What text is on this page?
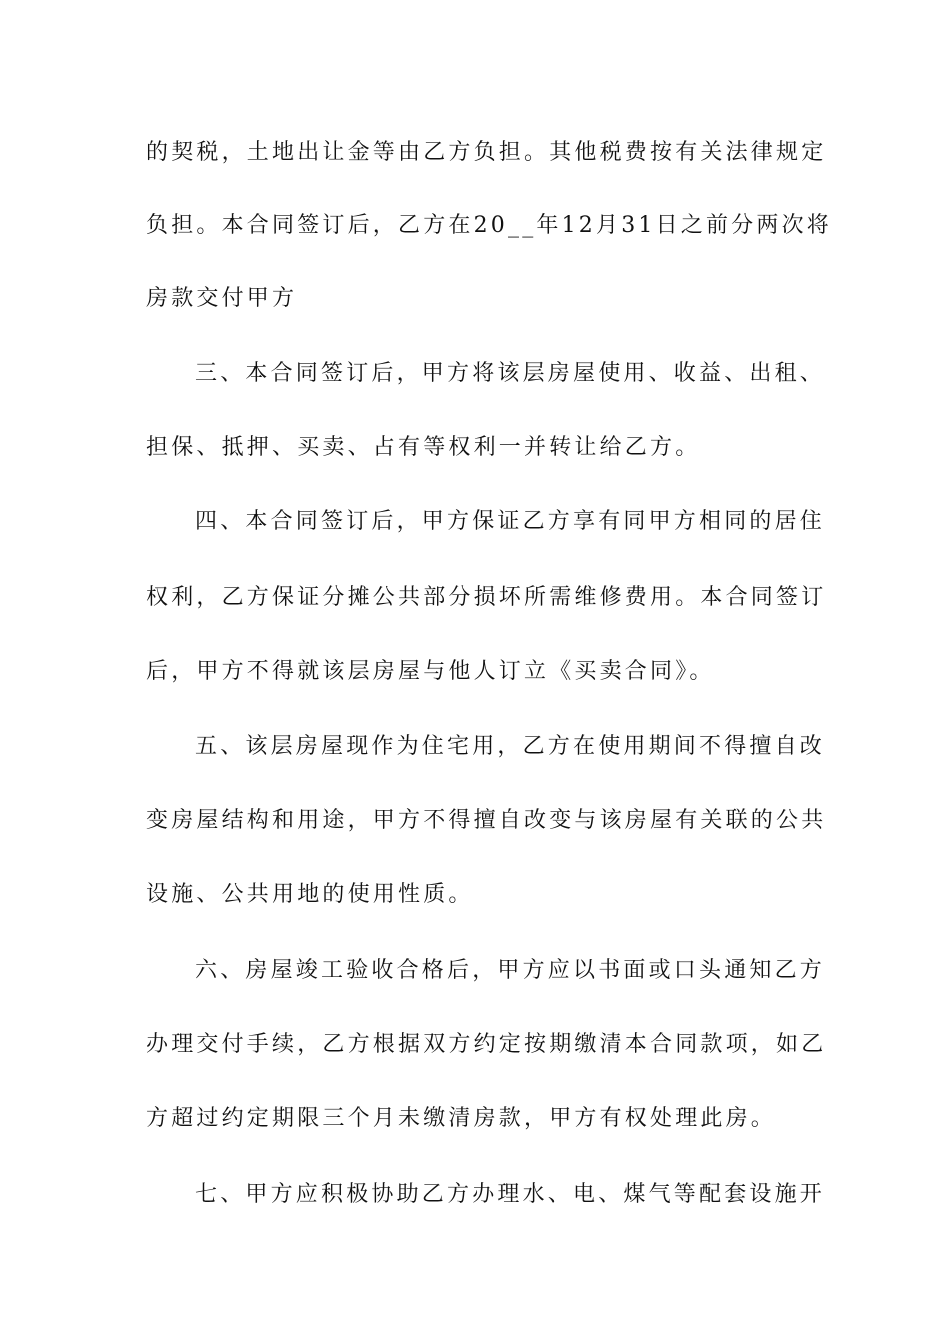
的契税，土地出让金等由乙方负担。其他税费按有关法律规定
负担。本合同签订后，乙方在20__年12月31日之前分两次将
房款交付甲方
三、本合同签订后，甲方将该层房屋使用、收益、出租、
担保、抵押、买卖、占有等权利一并转让给乙方。
四、本合同签订后，甲方保证乙方享有同甲方相同的居住
权利，乙方保证分摊公共部分损坏所需维修费用。本合同签订
后，甲方不得就该层房屋与他人订立《买卖合同》。
五、该层房屋现作为住宅用，乙方在使用期间不得擅自改
变房屋结构和用途，甲方不得擅自改变与该房屋有关联的公共
设施、公共用地的使用性质。
六、房屋竣工验收合格后，甲方应以书面或口头通知乙方
办理交付手续，乙方根据双方约定按期缴清本合同款项，如乙
方超过约定期限三个月未缴清房款，甲方有权处理此房。
七、甲方应积极协助乙方办理水、电、煤气等配套设施开
